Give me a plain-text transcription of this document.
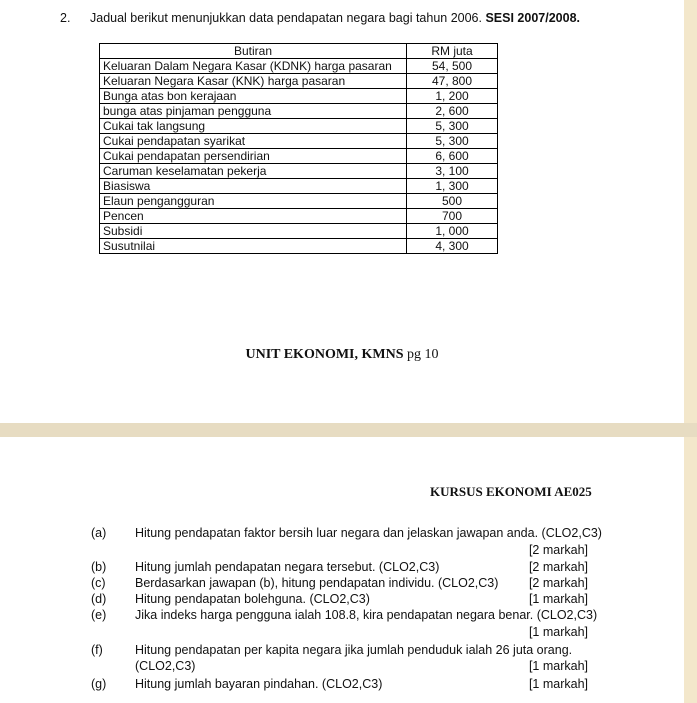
2. Jadual berikut menunjukkan data pendapatan negara bagi tahun 2006. SESI 2007/2008.
Butiran	RM juta
Keluaran Dalam Negara Kasar (KDNK) harga pasaran	54, 500
Keluaran Negara Kasar (KNK) harga pasaran	47, 800
Bunga atas bon kerajaan	1, 200
bunga atas pinjaman pengguna	2, 600
Cukai tak langsung	5, 300
Cukai pendapatan syarikat	5, 300
Cukai pendapatan persendirian	6, 600
Caruman keselamatan pekerja	3, 100
Biasiswa	1, 300
Elaun pengangguran	500
Pencen	700
Subsidi	1, 000
Susutnilai	4, 300
UNIT EKONOMI, KMNS pg 10
KURSUS EKONOMI AE025
(a) Hitung pendapatan faktor bersih luar negara dan jelaskan jawapan anda. (CLO2,C3)
[2 markah]
(b) Hitung jumlah pendapatan negara tersebut. (CLO2,C3)	[2 markah]
(c) Berdasarkan jawapan (b), hitung pendapatan individu. (CLO2,C3) [2 markah]
(d) Hitung pendapatan bolehguna. (CLO2,C3)	[1 markah]
(e) Jika indeks harga pengguna ialah 108.8, kira pendapatan negara benar. (CLO2,C3)
[1 markah]
(f)	Hitung pendapatan per kapita negara jika jumlah penduduk ialah 26 juta orang.
(CLO2,C3)	[1 markah]
(g) Hitung jumlah bayaran pindahan. (CLO2,C3)	[1 markah]
